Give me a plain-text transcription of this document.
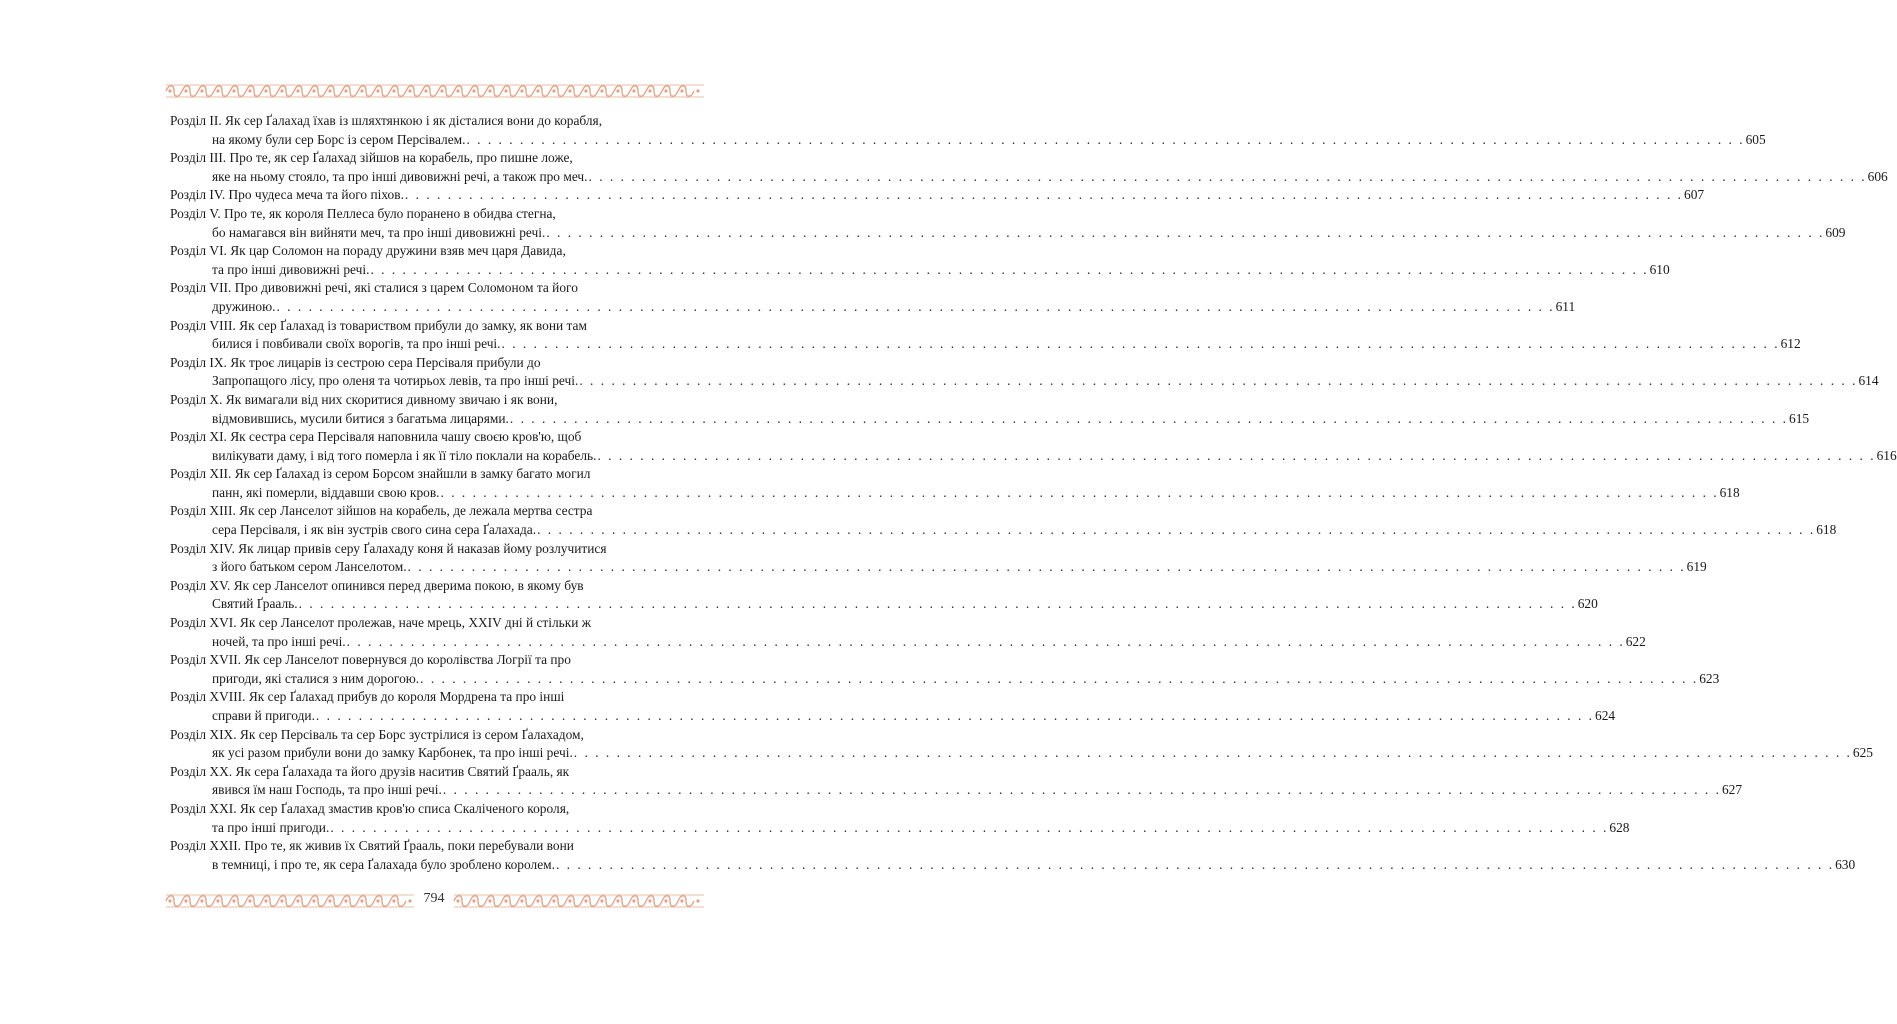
Розділ II. Як сер Ґалахад їхав із шляхтянкою і як дісталися вони до корабля,
на якому були сер Борс із сером Персівалем. . . . . . . . . . . . . . . . . . . . . . . . . . . . . . . . . . . . . . . . . . . . . . . . . . . . . . . . . . . . . . . . . . . . . . . . . . . . . . . . . . . . . . . . . . . . . . . . . . . . . . . . . . . . . . . . . . . . . . . . . 605
Розділ III. Про те, як сер Ґалахад зійшов на корабель, про пишне ложе,
яке на ньому стояло, та про інші дивовижні речі, а також про меч. . . . . . . . . . . . . . . . . . . . . . . . . . . . . . . . . . . . . . . . . . . . . . . . . . . . . . . . . . . . . . . . . . . . . . . . . . . . . . . . . . . . . . . . . . . . . . . . . . . . . . . . . . . . . . . . . . . . . . . . . 606
Розділ IV. Про чудеса меча та його піхов. . . . . . . . . . . . . . . . . . . . . . . . . . . . . . . . . . . . . . . . . . . . . . . . . . . . . . . . . . . . . . . . . . . . . . . . . . . . . . . . . . . . . . . . . . . . . . . . . . . . . . . . . . . . . . . . . . . . . . . . . 607
Розділ V. Про те, як короля Пеллеса було поранено в обидва стегна,
бо намагався він вийняти меч, та про інші дивовижні речі. . . . . . . . . . . . . . . . . . . . . . . . . . . . . . . . . . . . . . . . . . . . . . . . . . . . . . . . . . . . . . . . . . . . . . . . . . . . . . . . . . . . . . . . . . . . . . . . . . . . . . . . . . . . . . . . . . . . . . . . . 609
Розділ VI. Як цар Соломон на пораду дружини взяв меч царя Давида,
та про інші дивовижні речі. . . . . . . . . . . . . . . . . . . . . . . . . . . . . . . . . . . . . . . . . . . . . . . . . . . . . . . . . . . . . . . . . . . . . . . . . . . . . . . . . . . . . . . . . . . . . . . . . . . . . . . . . . . . . . . . . . . . . . . . . 610
Розділ VII. Про дивовижні речі, які сталися з царем Соломоном та його
дружиною. . . . . . . . . . . . . . . . . . . . . . . . . . . . . . . . . . . . . . . . . . . . . . . . . . . . . . . . . . . . . . . . . . . . . . . . . . . . . . . . . . . . . . . . . . . . . . . . . . . . . . . . . . . . . . . . . . . . . . . . . 611
Розділ VIII. Як сер Ґалахад із товариством прибули до замку, як вони там
билися і повбивали своїх ворогів, та про інші речі. . . . . . . . . . . . . . . . . . . . . . . . . . . . . . . . . . . . . . . . . . . . . . . . . . . . . . . . . . . . . . . . . . . . . . . . . . . . . . . . . . . . . . . . . . . . . . . . . . . . . . . . . . . . . . . . . . . . . . . . . 612
Розділ IX. Як троє лицарів із сестрою сера Персіваля прибули до
Запропащого лісу, про оленя та чотирьох левів, та про інші речі. . . . . . . . . . . . . . . . . . . . . . . . . . . . . . . . . . . . . . . . . . . . . . . . . . . . . . . . . . . . . . . . . . . . . . . . . . . . . . . . . . . . . . . . . . . . . . . . . . . . . . . . . . . . . . . . . . . . . . . . . 614
Розділ X. Як вимагали від них скоритися дивному звичаю і як вони,
відмовившись, мусили битися з багатьма лицарями. . . . . . . . . . . . . . . . . . . . . . . . . . . . . . . . . . . . . . . . . . . . . . . . . . . . . . . . . . . . . . . . . . . . . . . . . . . . . . . . . . . . . . . . . . . . . . . . . . . . . . . . . . . . . . . . . . . . . . . . . 615
Розділ XI. Як сестра сера Персіваля наповнила чашу своєю кров'ю, щоб
вилікувати даму, і від того померла і як її тіло поклали на корабель. . . . . . . . . . . . . . . . . . . . . . . . . . . . . . . . . . . . . . . . . . . . . . . . . . . . . . . . . . . . . . . . . . . . . . . . . . . . . . . . . . . . . . . . . . . . . . . . . . . . . . . . . . . . . . . . . . . . . . . . . 616
Розділ XII. Як сер Ґалахад із сером Борсом знайшли в замку багато могил
панн, які померли, віддавши свою кров. . . . . . . . . . . . . . . . . . . . . . . . . . . . . . . . . . . . . . . . . . . . . . . . . . . . . . . . . . . . . . . . . . . . . . . . . . . . . . . . . . . . . . . . . . . . . . . . . . . . . . . . . . . . . . . . . . . . . . . . . 618
Розділ XIII. Як сер Ланселот зійшов на корабель, де лежала мертва сестра
сера Персіваля, і як він зустрів свого сина сера Ґалахада. . . . . . . . . . . . . . . . . . . . . . . . . . . . . . . . . . . . . . . . . . . . . . . . . . . . . . . . . . . . . . . . . . . . . . . . . . . . . . . . . . . . . . . . . . . . . . . . . . . . . . . . . . . . . . . . . . . . . . . . . 618
Розділ XIV. Як лицар привів серу Ґалахаду коня й наказав йому розлучитися
з його батьком сером Ланселотом. . . . . . . . . . . . . . . . . . . . . . . . . . . . . . . . . . . . . . . . . . . . . . . . . . . . . . . . . . . . . . . . . . . . . . . . . . . . . . . . . . . . . . . . . . . . . . . . . . . . . . . . . . . . . . . . . . . . . . . . . 619
Розділ XV. Як сер Ланселот опинився перед дверима покою, в якому був
Святий Ґрааль. . . . . . . . . . . . . . . . . . . . . . . . . . . . . . . . . . . . . . . . . . . . . . . . . . . . . . . . . . . . . . . . . . . . . . . . . . . . . . . . . . . . . . . . . . . . . . . . . . . . . . . . . . . . . . . . . . . . . . . . . 620
Розділ XVI. Як сер Ланселот пролежав, наче мрець, XXIV дні й стільки ж
ночей, та про інші речі. . . . . . . . . . . . . . . . . . . . . . . . . . . . . . . . . . . . . . . . . . . . . . . . . . . . . . . . . . . . . . . . . . . . . . . . . . . . . . . . . . . . . . . . . . . . . . . . . . . . . . . . . . . . . . . . . . . . . . . . . 622
Розділ XVII. Як сер Ланселот повернувся до королівства Логрії та про
пригоди, які сталися з ним дорогою. . . . . . . . . . . . . . . . . . . . . . . . . . . . . . . . . . . . . . . . . . . . . . . . . . . . . . . . . . . . . . . . . . . . . . . . . . . . . . . . . . . . . . . . . . . . . . . . . . . . . . . . . . . . . . . . . . . . . . . . . 623
Розділ XVIII. Як сер Ґалахад прибув до короля Мордрена та про інші
справи й пригоди. . . . . . . . . . . . . . . . . . . . . . . . . . . . . . . . . . . . . . . . . . . . . . . . . . . . . . . . . . . . . . . . . . . . . . . . . . . . . . . . . . . . . . . . . . . . . . . . . . . . . . . . . . . . . . . . . . . . . . . . . 624
Розділ XIX. Як сер Персіваль та сер Борс зустрілися із сером Ґалахадом,
як усі разом прибули вони до замку Карбонек, та про інші речі. . . . . . . . . . . . . . . . . . . . . . . . . . . . . . . . . . . . . . . . . . . . . . . . . . . . . . . . . . . . . . . . . . . . . . . . . . . . . . . . . . . . . . . . . . . . . . . . . . . . . . . . . . . . . . . . . . . . . . . . . 625
Розділ XX. Як сера Ґалахада та його друзів наситив Святий Ґрааль, як
явився їм наш Господь, та про інші речі. . . . . . . . . . . . . . . . . . . . . . . . . . . . . . . . . . . . . . . . . . . . . . . . . . . . . . . . . . . . . . . . . . . . . . . . . . . . . . . . . . . . . . . . . . . . . . . . . . . . . . . . . . . . . . . . . . . . . . . . . 627
Розділ XXI. Як сер Ґалахад змастив кров'ю списа Скаліченого короля,
та про інші пригоди. . . . . . . . . . . . . . . . . . . . . . . . . . . . . . . . . . . . . . . . . . . . . . . . . . . . . . . . . . . . . . . . . . . . . . . . . . . . . . . . . . . . . . . . . . . . . . . . . . . . . . . . . . . . . . . . . . . . . . . . . 628
Розділ XXII. Про те, як живив їх Святий Ґрааль, поки перебували вони
в темниці, і про те, як сера Ґалахада було зроблено королем. . . . . . . . . . . . . . . . . . . . . . . . . . . . . . . . . . . . . . . . . . . . . . . . . . . . . . . . . . . . . . . . . . . . . . . . . . . . . . . . . . . . . . . . . . . . . . . . . . . . . . . . . . . . . . . . . . . . . . . . . 630
794
